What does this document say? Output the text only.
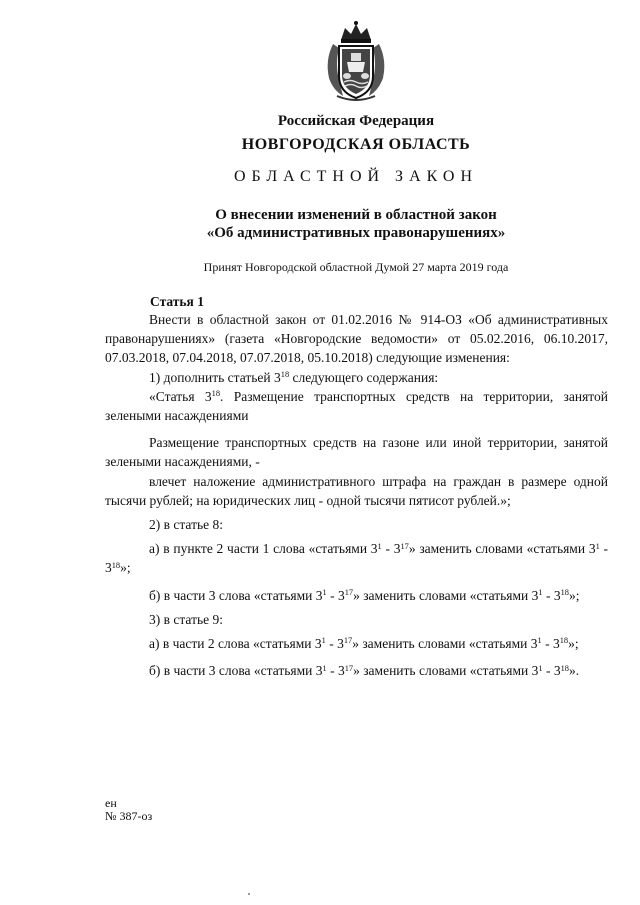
Российская Федерация
НОВГОРОДСКАЯ ОБЛАСТЬ
ОБЛАСТНОЙ ЗАКОН
О внесении изменений в областной закон
«Об административных правонарушениях»
Принят Новгородской областной Думой 27 марта 2019 года
Статья 1

Внести в областной закон от 01.02.2016 № 914-ОЗ «Об административных правонарушениях» (газета «Новгородские ведомости» от 05.02.2016, 06.10.2017, 07.03.2018, 07.04.2018, 07.07.2018, 05.10.2018) следующие изменения:

1) дополнить статьей $3^{18}$ следующего содержания:

«Статья $3^{18}$. Размещение транспортных средств на территории, занятой зелеными насаждениями

Размещение транспортных средств на газоне или иной территории, занятой зелеными насаждениями, -

влечет наложение административного штрафа на граждан в размере одной тысячи рублей; на юридических лиц - одной тысячи пятисот рублей.»;

2) в статье 8:

а) в пункте 2 части 1 слова «статьями $3^1 - 3^{17}$» заменить словами «статьями $3^1 - 3^{18}$»;

б) в части 3 слова «статьями $3^1 - 3^{17}$» заменить словами «статьями $3^1 - 3^{18}$»;

3) в статье 9:

а) в части 2 слова «статьями $3^1 - 3^{17}$» заменить словами «статьями $3^1 - 3^{18}$»;

б) в части 3 слова «статьями $3^1 - 3^{17}$» заменить словами «статьями $3^1 - 3^{18}$».

ен
№ 387-оз
